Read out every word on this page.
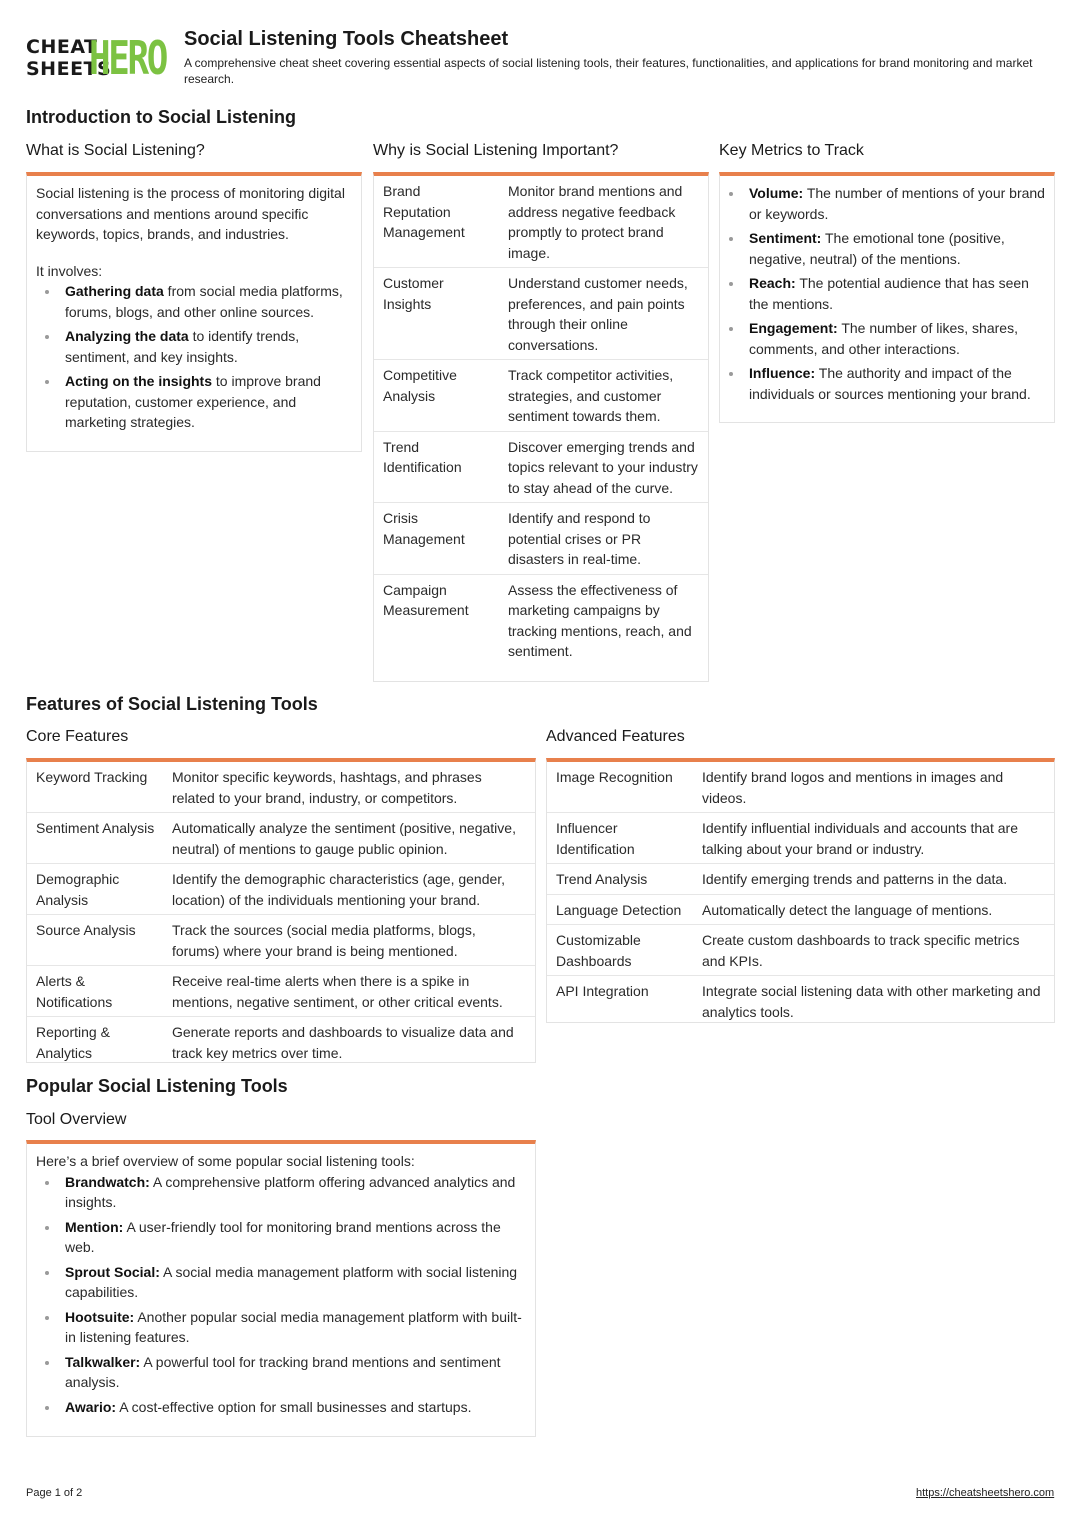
CHEAT
SHEETS
HERO Social Listening Tools Cheatsheet
A comprehensive cheat sheet covering essential aspects of social listening tools, their features, functionalities, and applications for brand monitoring and market research.
Introduction to Social Listening
What is Social Listening?

Social listening is the process of monitoring digital conversations and mentions around specific keywords, topics, brands, and industries.

It involves:

Gathering data from social media platforms, forums, blogs, and other online sources.
Analyzing the data to identify trends, sentiment, and key insights.
Acting on the insights to improve brand reputation, customer experience, and marketing strategies.
Why is Social Listening Important?
Brand Reputation Management	Monitor brand mentions and address negative feedback promptly to protect brand image.
Customer Insights	Understand customer needs, preferences, and pain points through their online conversations.
Competitive Analysis	Track competitor activities, strategies, and customer sentiment towards them.
Trend Identification	Discover emerging trends and topics relevant to your industry to stay ahead of the curve.
Crisis Management	Identify and respond to potential crises or PR disasters in real-time.
Campaign Measurement	Assess the effectiveness of marketing campaigns by tracking mentions, reach, and sentiment.
Key Metrics to Track
Volume: The number of mentions of your brand or keywords.
Sentiment: The emotional tone (positive, negative, neutral) of the mentions.
Reach: The potential audience that has seen the mentions.
Engagement: The number of likes, shares, comments, and other interactions.
Influence: The authority and impact of the individuals or sources mentioning your brand.
Features of Social Listening Tools
Core Features
Keyword Tracking	Monitor specific keywords, hashtags, and phrases related to your brand, industry, or competitors.
Sentiment Analysis	Automatically analyze the sentiment (positive, negative, neutral) of mentions to gauge public opinion.
Demographic Analysis	Identify the demographic characteristics (age, gender, location) of the individuals mentioning your brand.
Source Analysis	Track the sources (social media platforms, blogs, forums) where your brand is being mentioned.
Alerts & Notifications	Receive real-time alerts when there is a spike in mentions, negative sentiment, or other critical events.
Reporting & Analytics	Generate reports and dashboards to visualize data and track key metrics over time.
Advanced Features
Image Recognition	Identify brand logos and mentions in images and videos.
Influencer Identification	Identify influential individuals and accounts that are talking about your brand or industry.
Trend Analysis	Identify emerging trends and patterns in the data.
Language Detection	Automatically detect the language of mentions.
Customizable Dashboards	Create custom dashboards to track specific metrics and KPIs.
API Integration	Integrate social listening data with other marketing and analytics tools.
Popular Social Listening Tools
Tool Overview

Here’s a brief overview of some popular social listening tools:

Brandwatch: A comprehensive platform offering advanced analytics and insights.
Mention: A user-friendly tool for monitoring brand mentions across the web.
Sprout Social: A social media management platform with social listening capabilities.
Hootsuite: Another popular social media management platform with built-in listening features.
Talkwalker: A powerful tool for tracking brand mentions and sentiment analysis.
Awario: A cost-effective option for small businesses and startups.
Page 1 of 2	https://cheatsheetshero.com
